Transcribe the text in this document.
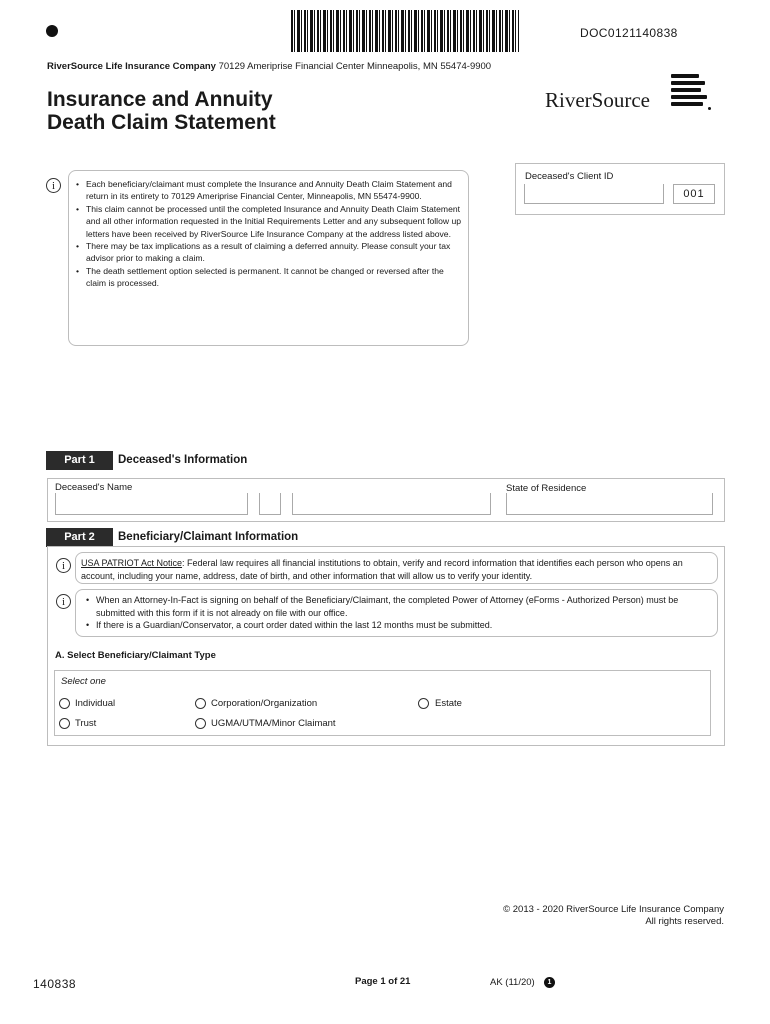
DOC0121140838
RiverSource Life Insurance Company 70129 Ameriprise Financial Center Minneapolis, MN 55474-9900
Insurance and Annuity
Death Claim Statement
RiverSource
i	• Each beneficiary/claimant must complete the Insurance and Annuity Death Claim Statement and return in its entirety to 70129 Ameriprise Financial Center, Minneapolis, MN 55474-9900.
• This claim cannot be processed until the completed Insurance and Annuity Death Claim Statement and all other information requested in the Initial Requirements Letter and any subsequent follow up letters have been received by RiverSource Life Insurance Company at the address listed above.
• There may be tax implications as a result of claiming a deferred annuity. Please consult your tax advisor prior to making a claim.
• The death settlement option selected is permanent. It cannot be changed or reversed after the claim is processed.
Deceased's Client ID
001
Part 1	Deceased's Information
Deceased's Name	State of Residence
Part 2	Beneficiary/Claimant Information
i	USA PATRIOT Act Notice: Federal law requires all financial institutions to obtain, verify and record information that identifies each person who opens an account, including your name, address, date of birth, and other information that will allow us to verify your identity.
i	• When an Attorney-In-Fact is signing on behalf of the Beneficiary/Claimant, the completed Power of Attorney (eForms - Authorized Person) must be submitted with this form if it is not already on file with our office.
• If there is a Guardian/Conservator, a court order dated within the last 12 months must be submitted.
A. Select Beneficiary/Claimant Type
Select one
Individual	Corporation/Organization	Estate
Trust	UGMA/UTMA/Minor Claimant
© 2013 - 2020 RiverSource Life Insurance Company
All rights reserved.
140838	Page 1 of 21	AK (11/20)	1
